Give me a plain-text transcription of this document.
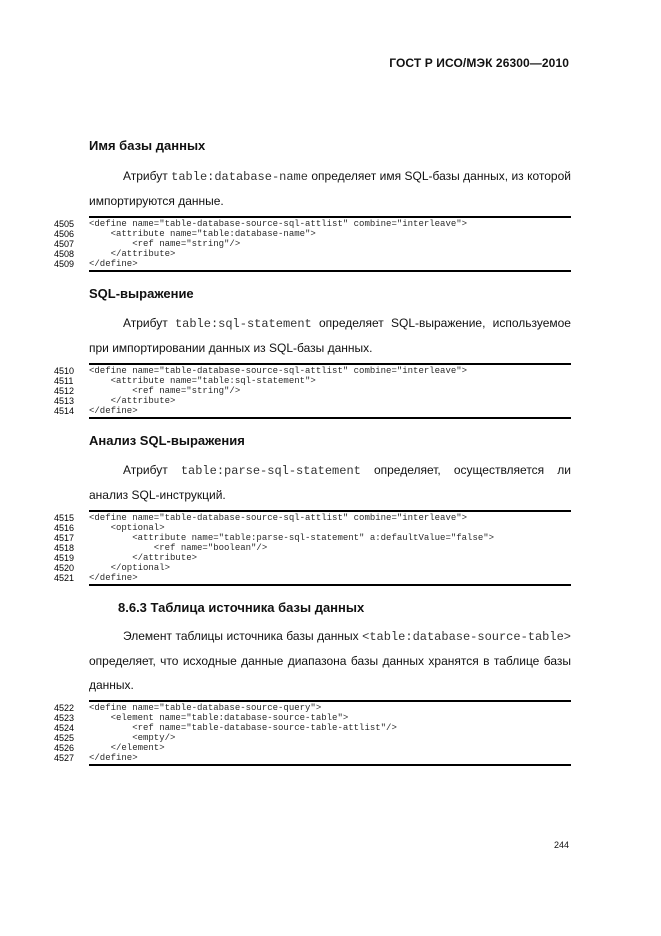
ГОСТ Р ИСО/МЭК 26300—2010
Имя базы данных

Атрибут table:database-name определяет имя SQL-базы данных, из которой импортируются данные.

4505	<define name="table-database-source-sql-attlist" combine="interleave">
4506	<attribute name="table:database-name">
4507	<ref name="string"/>
4508	</attribute>
4509	</define>
SQL-выражение

Атрибут table:sql-statement определяет SQL-выражение, используемое при импортировании данных из SQL-базы данных.

4510	<define name="table-database-source-sql-attlist" combine="interleave">
4511	<attribute name="table:sql-statement">
4512	<ref name="string"/>
4513	</attribute>
4514	</define>
Анализ SQL-выражения

Атрибут table:parse-sql-statement определяет, осуществляется ли анализ SQL-инструкций.

4515	<define name="table-database-source-sql-attlist" combine="interleave">
4516	<optional>
4517	<attribute name="table:parse-sql-statement" a:defaultValue="false">
4518	<ref name="boolean"/>
4519	</attribute>
4520	</optional>
4521	</define>
8.6.3 Таблица источника базы данных

Элемент таблицы источника базы данных <table:database-source-table> определяет, что исходные данные диапазона базы данных хранятся в таблице базы данных.

4522	<define name="table-database-source-query">
4523	<element name="table:database-source-table">
4524	<ref name="table-database-source-table-attlist"/>
4525	<empty/>
4526	</element>
4527	</define>
244
